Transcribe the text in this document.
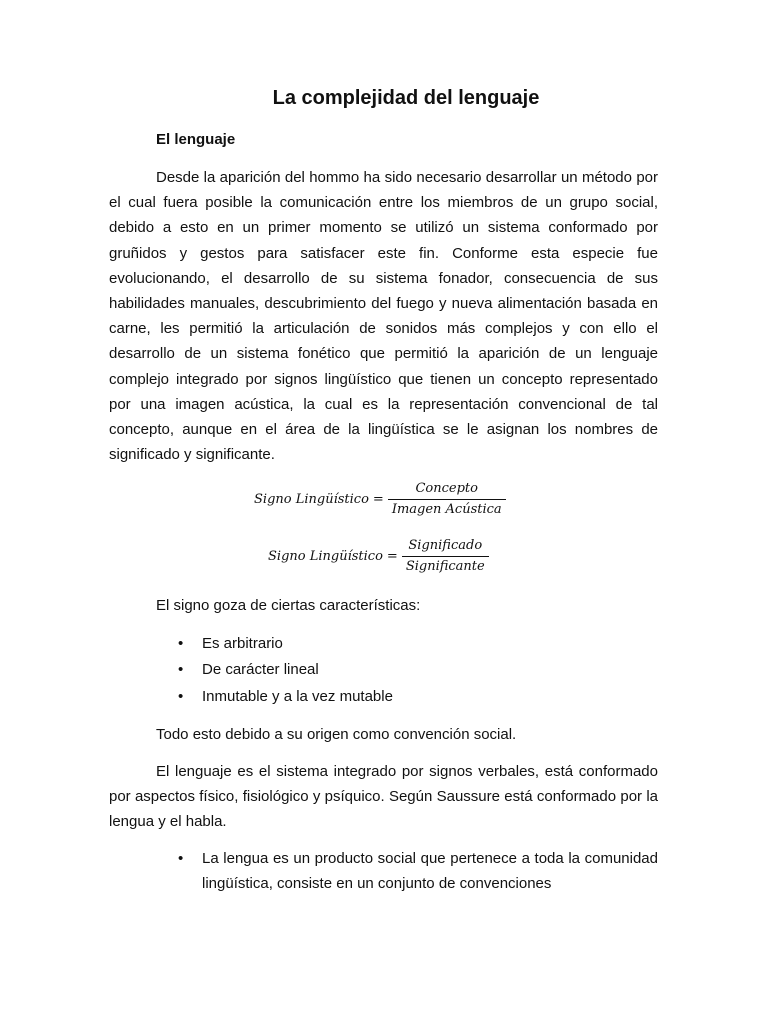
La complejidad del lenguaje
El lenguaje

Desde la aparición del hommo ha sido necesario desarrollar un método por el cual fuera posible la comunicación entre los miembros de un grupo social, debido a esto en un primer momento se utilizó un sistema conformado por gruñidos y gestos para satisfacer este fin. Conforme esta especie fue evolucionando, el desarrollo de su sistema fonador, consecuencia de sus habilidades manuales, descubrimiento del fuego y nueva alimentación basada en carne, les permitió la articulación de sonidos más complejos y con ello el desarrollo de un sistema fonético que permitió la aparición de un lenguaje complejo integrado por signos lingüístico que tienen un concepto representado por una imagen acústica, la cual es la representación convencional de tal concepto, aunque en el área de la lingüística se le asignan los nombres de significado y significante.

Signo Lingüístico = $\frac{\text{Concepto}}{\text{Imagen Acústica}}$
Signo Lingüístico = $\frac{\text{Significado}}{\text{Significante}}$

El signo goza de ciertas características:

• Es arbitrario
• De carácter lineal
• Inmutable y a la vez mutable

Todo esto debido a su origen como convención social.

El lenguaje es el sistema integrado por signos verbales, está conformado por aspectos físico, fisiológico y psíquico. Según Saussure está conformado por la lengua y el habla.

• La lengua es un producto social que pertenece a toda la comunidad lingüística, consiste en un conjunto de convenciones
